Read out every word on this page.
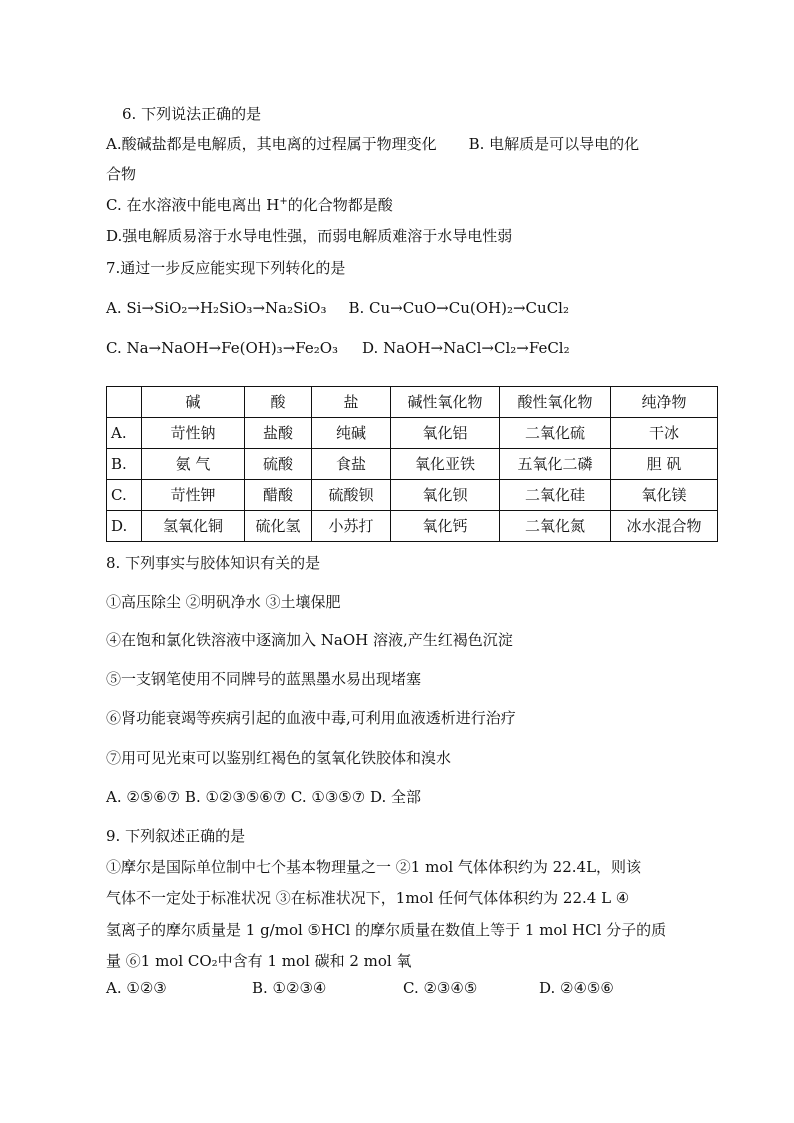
6. 下列说法正确的是
A.酸碱盐都是电解质，其电离的过程属于物理变化 B. 电解质是可以导电的化
合物
C. 在水溶液中能电离出 H+的化合物都是酸
D.强电解质易溶于水导电性强，而弱电解质难溶于水导电性弱
7.通过一步反应能实现下列转化的是
A. Si→SiO₂→H₂SiO₃→Na₂SiO₃ B. Cu→CuO→Cu(OH)₂→CuCl₂
C. Na→NaOH→Fe(OH)₃→Fe₂O₃ D. NaOH→NaCl→Cl₂→FeCl₂
	碱	酸	盐	碱性氧化物	酸性氧化物	纯净物
A.	苛性钠	盐酸	纯碱	氧化铝	二氧化硫	干冰
B.	氨 气	硫酸	食盐	氧化亚铁	五氧化二磷	胆 矾
C.	苛性钾	醋酸	硫酸钡	氧化钡	二氧化硅	氧化镁
D.	氢氧化铜	硫化氢	小苏打	氧化钙	二氧化氮	冰水混合物
8. 下列事实与胶体知识有关的是
①高压除尘 ②明矾净水 ③土壤保肥
④在饱和氯化铁溶液中逐滴加入 NaOH 溶液,产生红褐色沉淀
⑤一支钢笔使用不同牌号的蓝黑墨水易出现堵塞
⑥肾功能衰竭等疾病引起的血液中毒,可利用血液透析进行治疗
⑦用可见光束可以鉴别红褐色的氢氧化铁胶体和溴水
A. ②⑤⑥⑦ B. ①②③⑤⑥⑦ C. ①③⑤⑦ D. 全部
9. 下列叙述正确的是
①摩尔是国际单位制中七个基本物理量之一 ②1 mol 气体体积约为 22.4L，则该
气体不一定处于标准状况 ③在标准状况下，1mol 任何气体体积约为 22.4 L ④
氢离子的摩尔质量是 1 g/mol ⑤HCl 的摩尔质量在数值上等于 1 mol HCl 分子的质
量 ⑥1 mol CO₂中含有 1 mol 碳和 2 mol 氧
A. ①②③	B. ①②③④	C. ②③④⑤	D. ②④⑤⑥
